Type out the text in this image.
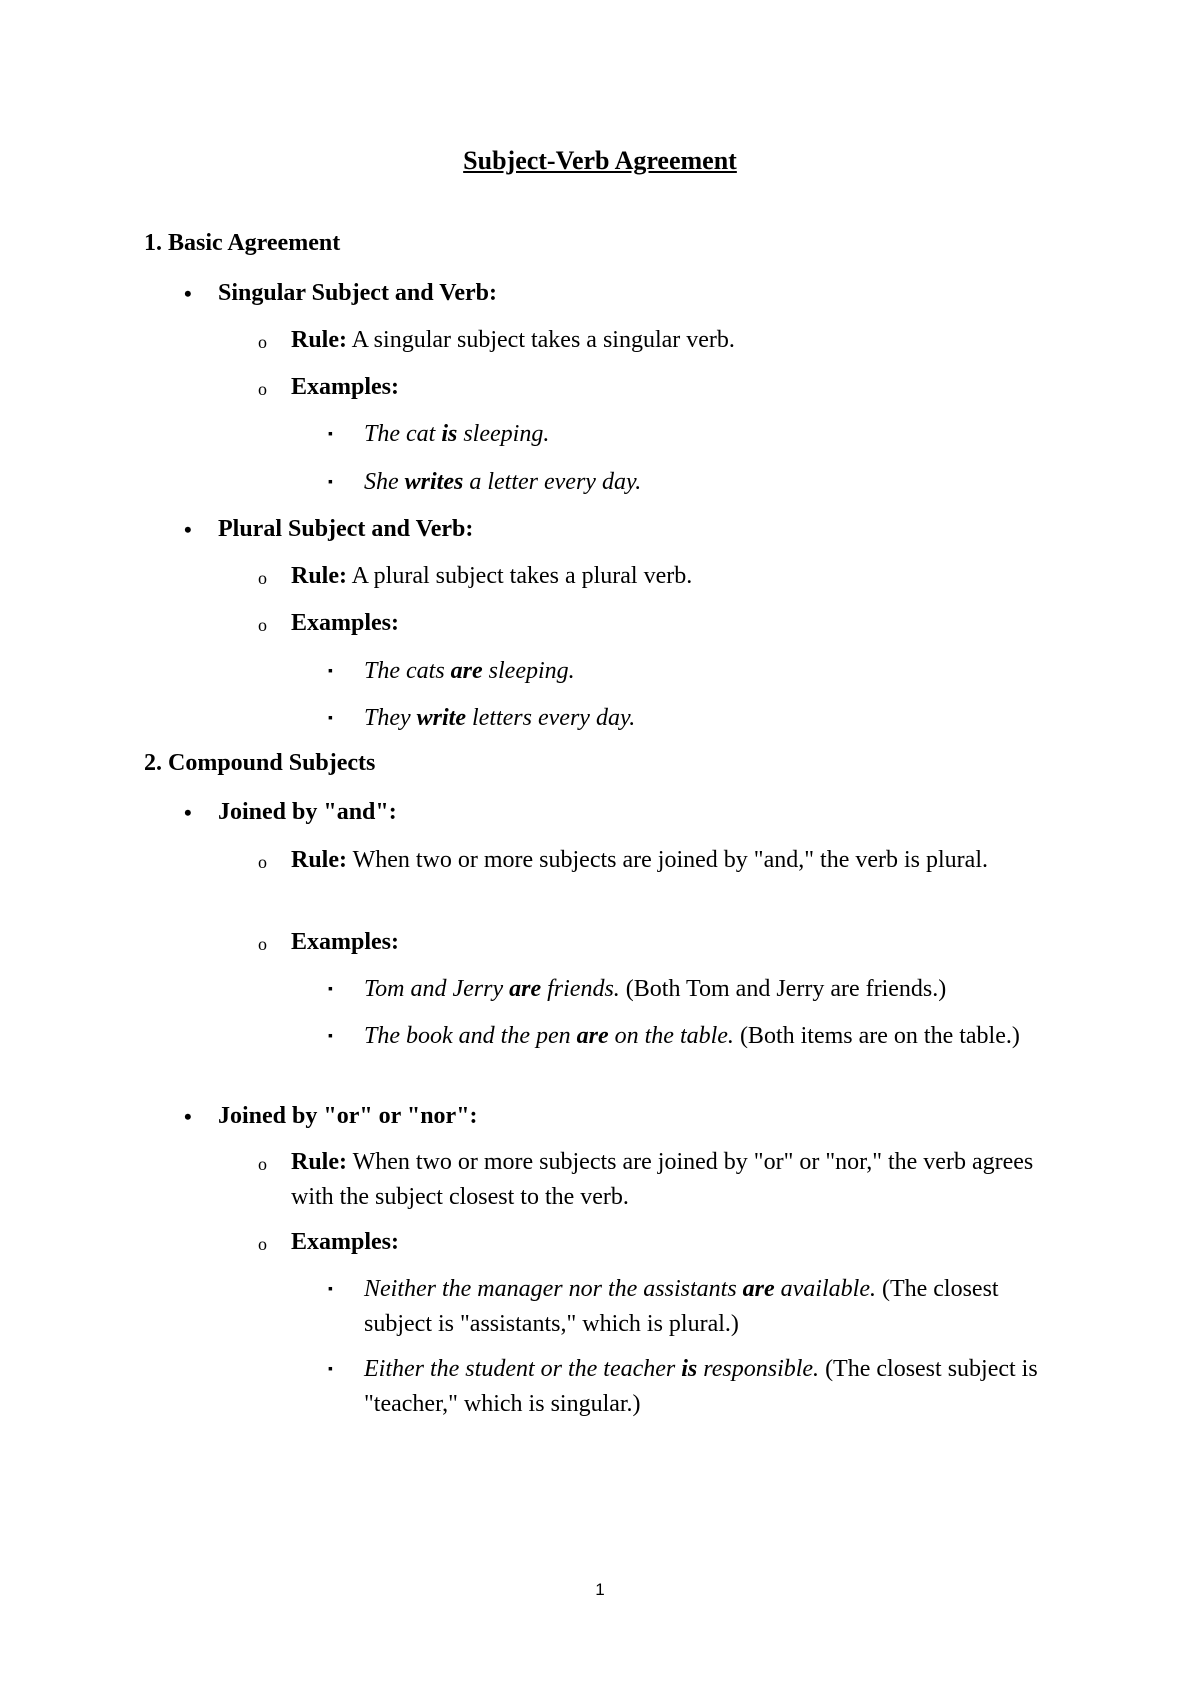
Subject-Verb Agreement
1. Basic Agreement
• Singular Subject and Verb:
o Rule: A singular subject takes a singular verb.
o Examples:
▪ The cat is sleeping.
▪ She writes a letter every day.
• Plural Subject and Verb:
o Rule: A plural subject takes a plural verb.
o Examples:
▪ The cats are sleeping.
▪ They write letters every day.
2. Compound Subjects
• Joined by "and":
o Rule: When two or more subjects are joined by "and," the verb is plural.
o Examples:
▪ Tom and Jerry are friends. (Both Tom and Jerry are friends.)
▪ The book and the pen are on the table. (Both items are on the table.)
• Joined by "or" or "nor":
o Rule: When two or more subjects are joined by "or" or "nor," the verb agrees with the subject closest to the verb.
o Examples:
▪ Neither the manager nor the assistants are available. (The closest subject is "assistants," which is plural.)
▪ Either the student or the teacher is responsible. (The closest subject is "teacher," which is singular.)
1
